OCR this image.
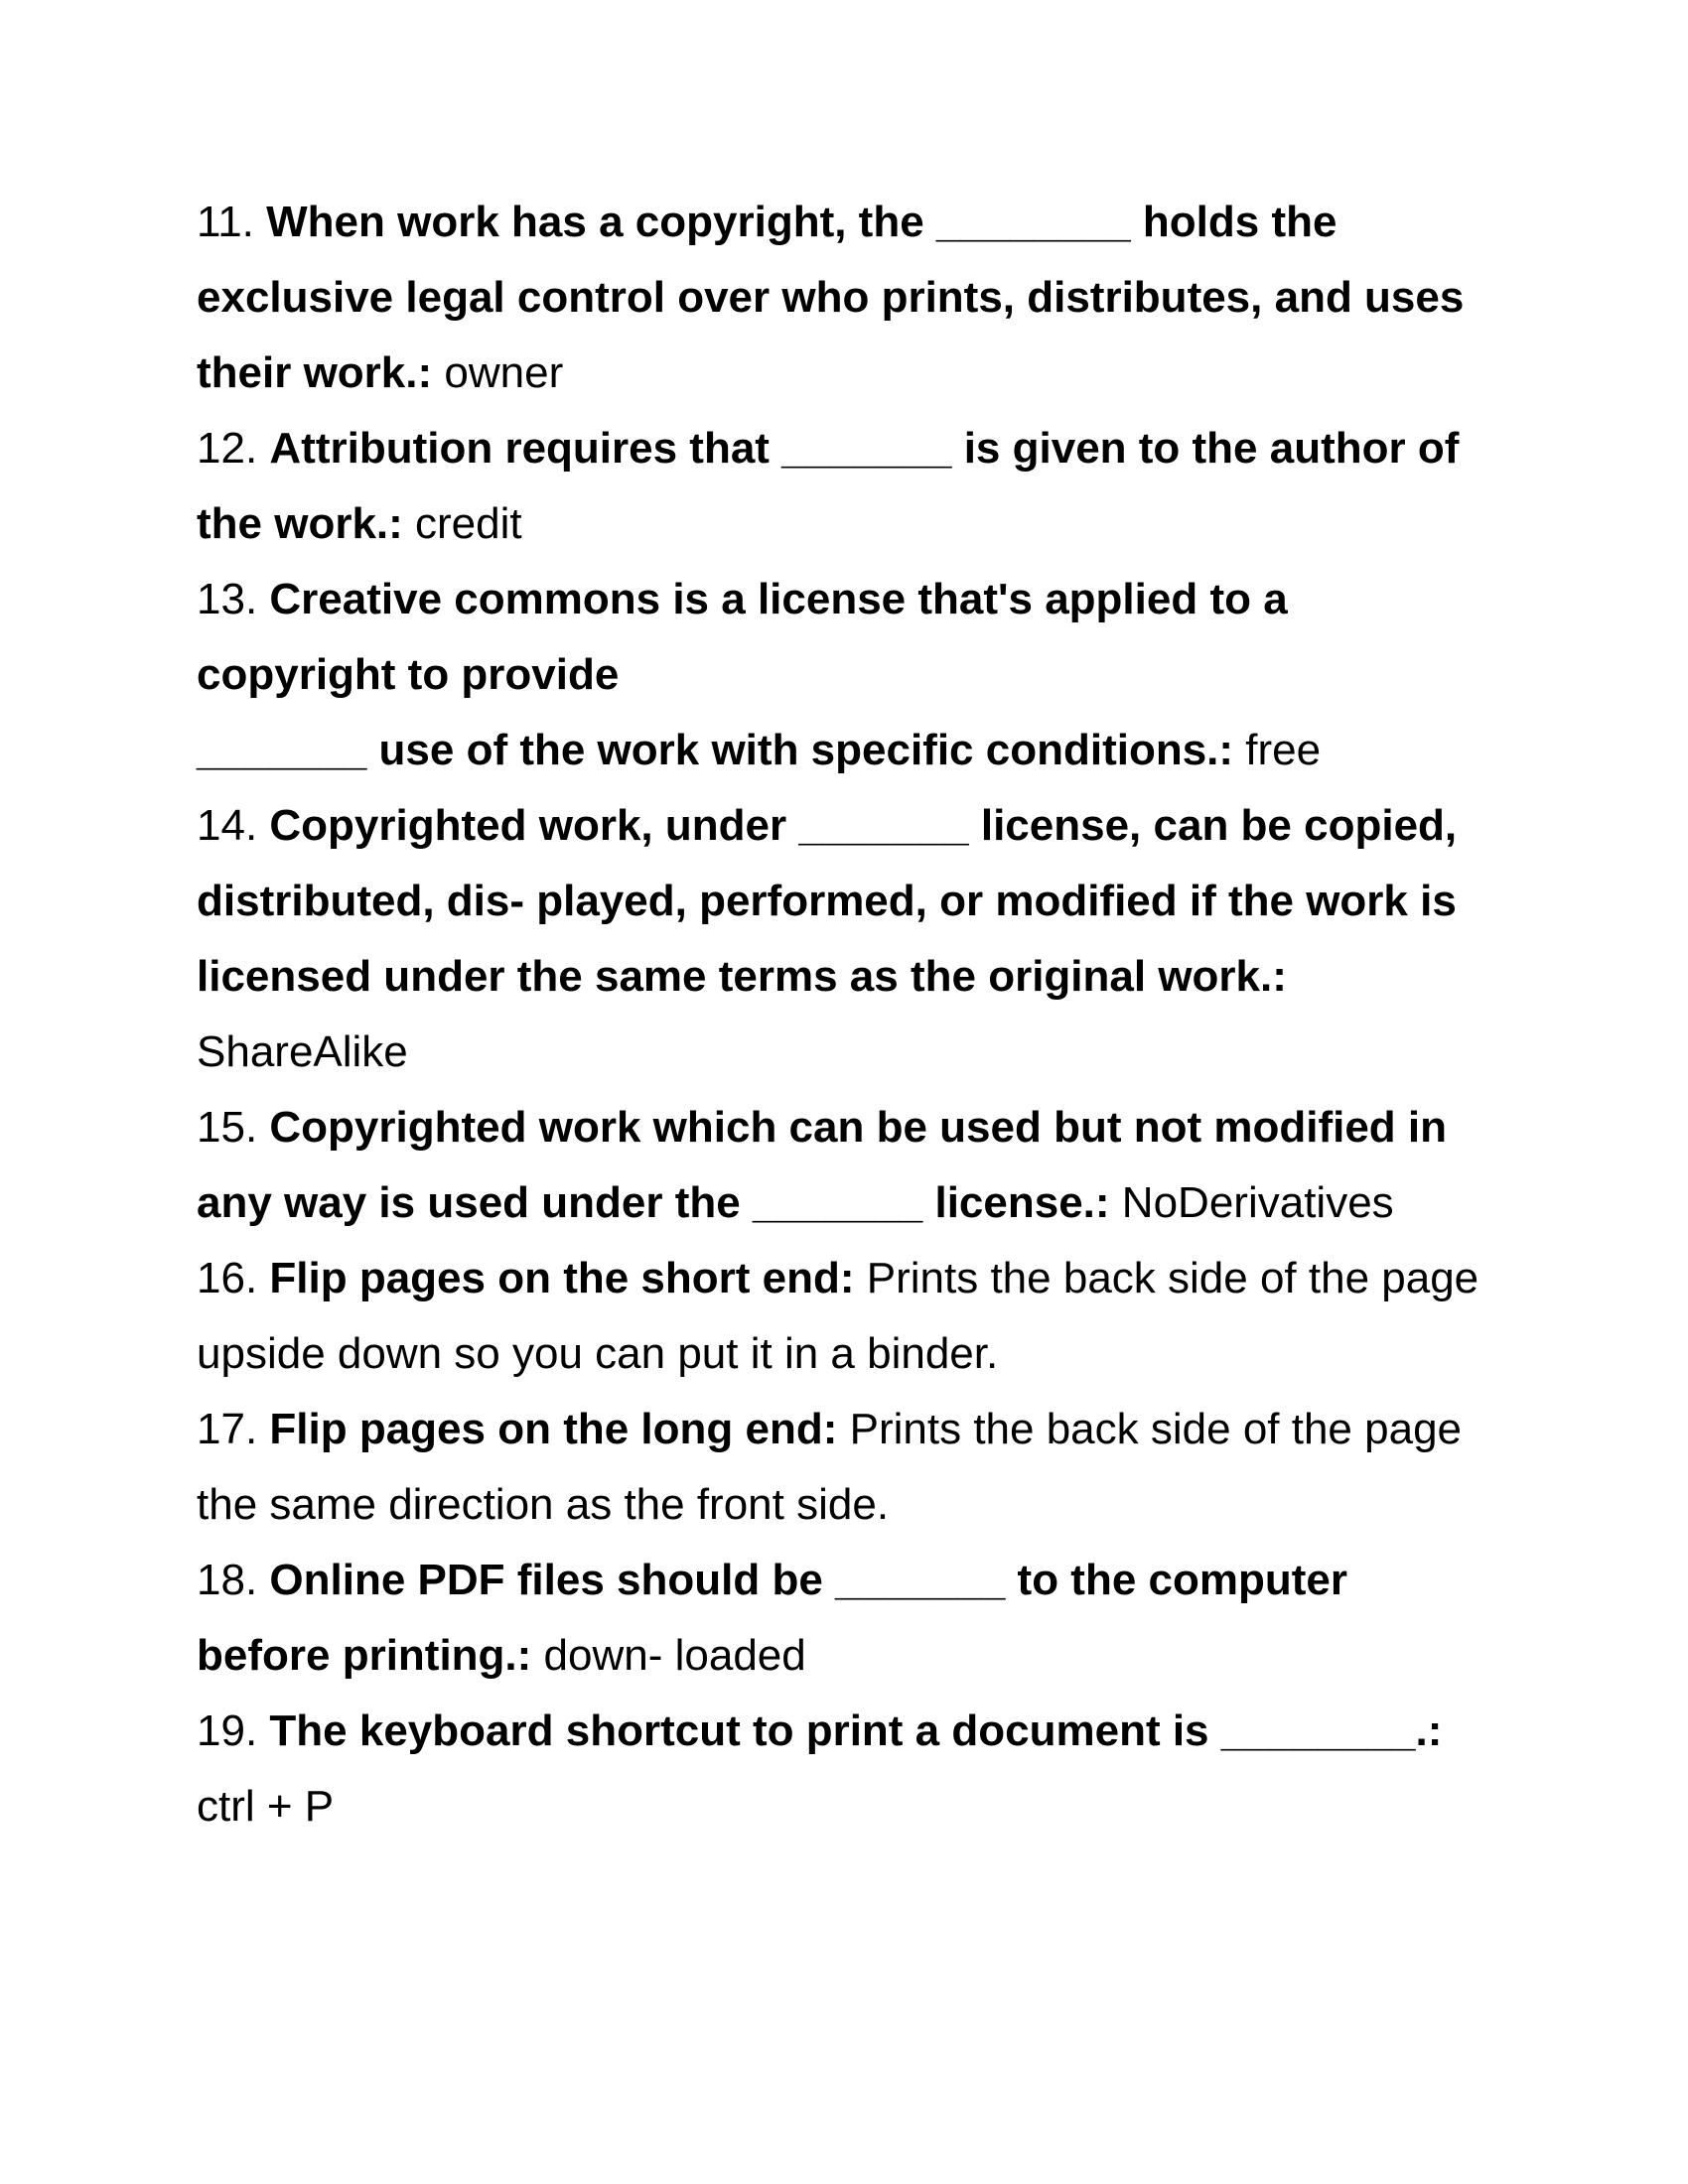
11. When work has a copyright, the ________ holds the exclusive legal control over who prints, distributes, and uses their work.: owner

12. Attribution requires that _______ is given to the author of the work.: credit

13. Creative commons is a license that's applied to a copyright to provide
_______ use of the work with specific conditions.: free

14. Copyrighted work, under _______ license, can be copied, distributed, dis- played, performed, or modified if the work is licensed under the same terms as the original work.:
ShareAlike

15. Copyrighted work which can be used but not modified in any way is used under the _______ license.: NoDerivatives

16. Flip pages on the short end: Prints the back side of the page upside down so you can put it in a binder.

17. Flip pages on the long end: Prints the back side of the page the same direction as the front side.

18. Online PDF files should be _______ to the computer before printing.: down- loaded

19. The keyboard shortcut to print a document is ________.:
ctrl + P
